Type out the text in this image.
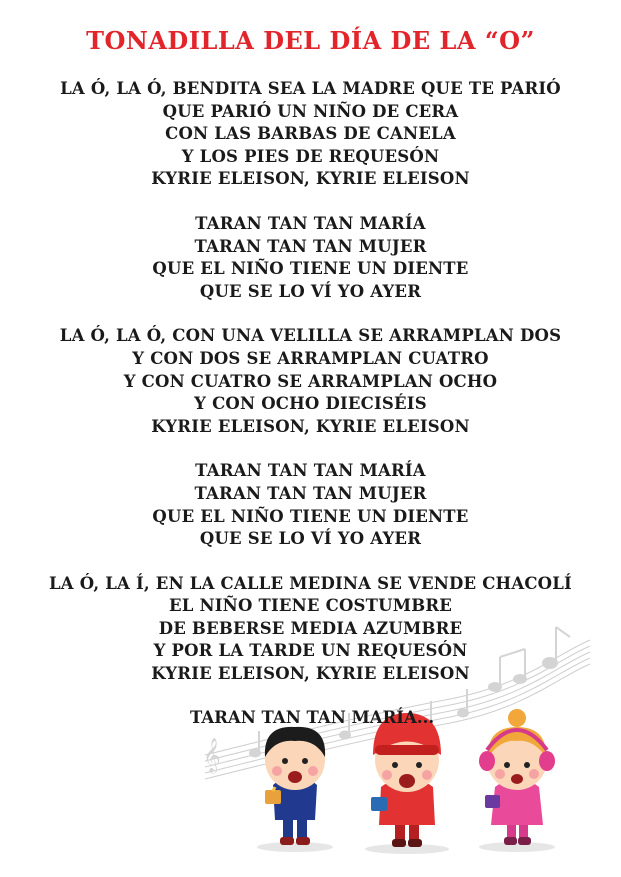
TONADILLA DEL DÍA DE LA “O”
LA Ó, LA Ó, BENDITA SEA LA MADRE QUE TE PARIÓ
QUE PARIÓ UN NIÑO DE CERA
CON LAS BARBAS DE CANELA
Y LOS PIES DE REQUESÓN
KYRIE ELEISON, KYRIE ELEISON
TARAN TAN TAN MARÍA
TARAN TAN TAN MUJER
QUE EL NIÑO TIENE UN DIENTE
QUE SE LO VÍ YO AYER
LA Ó, LA Ó, CON UNA VELILLA SE ARRAMPLAN DOS
Y CON DOS SE ARRAMPLAN CUATRO
Y CON CUATRO SE ARRAMPLAN OCHO
Y CON OCHO DIECISÉIS
KYRIE ELEISON, KYRIE ELEISON
TARAN TAN TAN MARÍA
TARAN TAN TAN MUJER
QUE EL NIÑO TIENE UN DIENTE
QUE SE LO VÍ YO AYER
LA Ó, LA Í, EN LA CALLE MEDINA SE VENDE CHACOLÍ
EL NIÑO TIENE COSTUMBRE
DE BEBERSE MEDIA AZUMBRE
Y POR LA TARDE UN REQUESÓN
KYRIE ELEISON, KYRIE ELEISON
𝄞
TARAN TAN TAN MARÍA...
